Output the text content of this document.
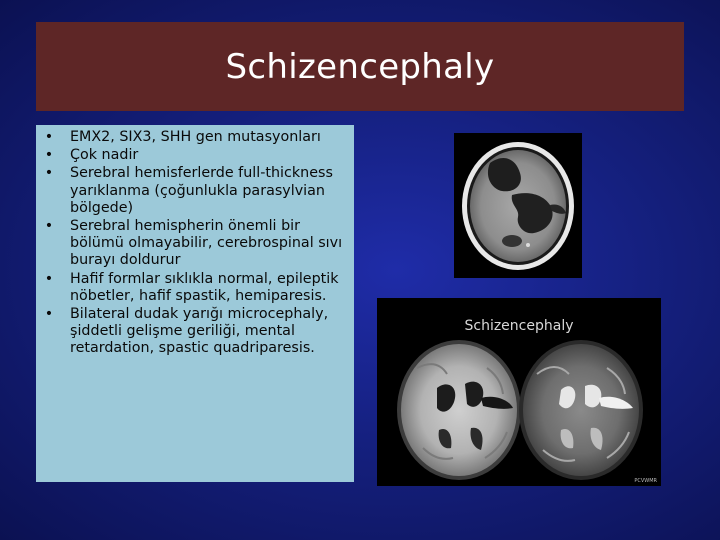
Schizencephaly
• EMX2, SIX3, SHH gen mutasyonları
• Çok nadir
• Serebral hemisferlerde full-thickness yarıklanma (çoğunlukla parasylvian bölgede)
• Serebral hemispherin önemli bir bölümü olmayabilir, cerebrospinal sıvı burayı doldurur
• Hafif formlar sıklıkla normal, epileptik nöbetler, hafif spastik, hemiparesis.
• Bilateral dudak yarığı microcephaly, şiddetli gelişme geriliği, mental retardation, spastic quadriparesis.
Schizencephaly
PCVWMR
